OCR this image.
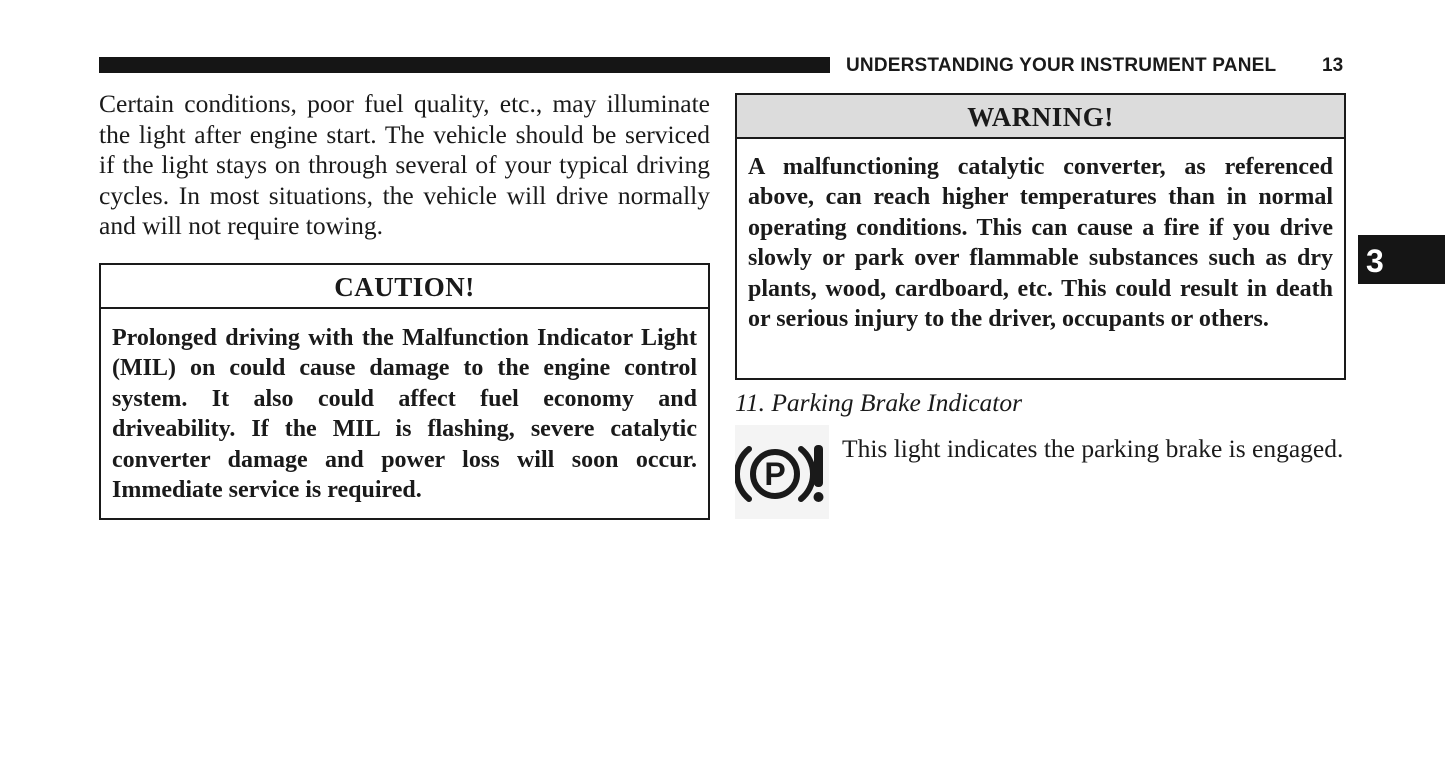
UNDERSTANDING YOUR INSTRUMENT PANEL 13

Certain conditions, poor fuel quality, etc., may illuminate the light after engine start. The vehicle should be serviced if the light stays on through several of your typical driving cycles. In most situations, the vehicle will drive normally and will not require towing.

CAUTION!

Prolonged driving with the Malfunction Indicator Light (MIL) on could cause damage to the engine control system. It also could affect fuel economy and driveability. If the MIL is flashing, severe catalytic converter damage and power loss will soon occur. Immediate service is required.

WARNING!

A malfunctioning catalytic converter, as referenced above, can reach higher temperatures than in normal operating conditions. This can cause a fire if you drive slowly or park over flammable substances such as dry plants, wood, cardboard, etc. This could result in death or serious injury to the driver, occupants or others.

11. Parking Brake Indicator
P

This light indicates the parking brake is engaged.

3
